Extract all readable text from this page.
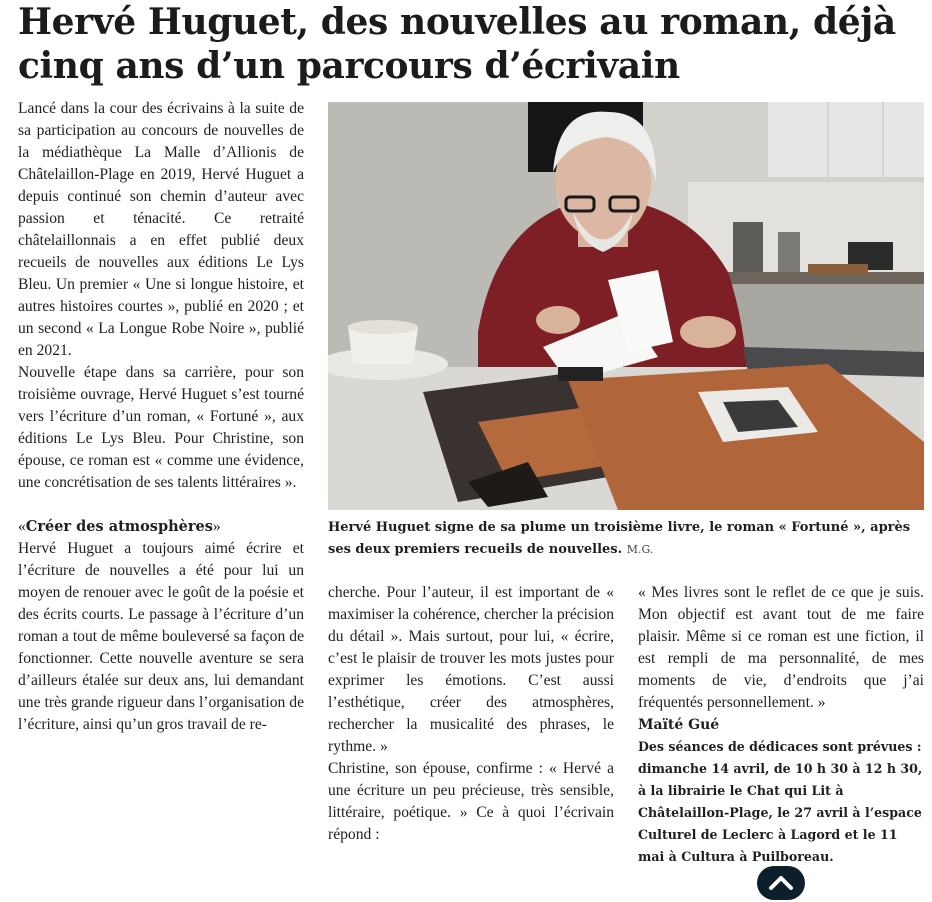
Hervé Huguet, des nouvelles au roman, déjà cinq ans d’un parcours d’écrivain

Lancé dans la cour des écrivains à la suite de sa participation au concours de nouvelles de la médiathèque La Malle d’Allionis de Châtelaillon-Plage en 2019, Hervé Huguet a depuis continué son chemin d’auteur avec passion et ténacité. Ce retraité châtelaillonnais a en effet publié deux recueils de nouvelles aux éditions Le Lys Bleu. Un premier « Une si longue histoire, et autres histoires courtes », publié en 2020 ; et un second « La Longue Robe Noire », publié en 2021.

Nouvelle étape dans sa carrière, pour son troisième ouvrage, Hervé Huguet s’est tourné vers l’écriture d’un roman, « Fortuné », aux éditions Le Lys Bleu. Pour Christine, son épouse, ce roman est « comme une évidence, une concrétisation de ses talents littéraires ».

«Créer des atmosphères»

Hervé Huguet a toujours aimé écrire et l’écriture de nouvelles a été pour lui un moyen de renouer avec le goût de la poésie et des écrits courts. Le passage à l’écriture d’un roman a tout de même bouleversé sa façon de fonctionner. Cette nouvelle aventure se sera d’ailleurs étalée sur deux ans, lui demandant une très grande rigueur dans l’organisation de l’écriture, ainsi qu’un gros travail de re-

Hervé Huguet signe de sa plume un troisième livre, le roman « Fortuné », après ses deux premiers recueils de nouvelles. M.G.

cherche. Pour l’auteur, il est important de « maximiser la cohérence, chercher la précision du détail ». Mais surtout, pour lui, « écrire, c’est le plaisir de trouver les mots justes pour exprimer les émotions. C’est aussi l’esthétique, créer des atmosphères, rechercher la musicalité des phrases, le rythme. »

Christine, son épouse, confirme : « Hervé a une écriture un peu précieuse, très sensible, littéraire, poétique. » Ce à quoi l’écrivain répond :

« Mes livres sont le reflet de ce que je suis. Mon objectif est avant tout de me faire plaisir. Même si ce roman est une fiction, il est rempli de ma personnalité, de mes moments de vie, d’endroits que j’ai fréquentés personnellement. »

Maïté Gué

Des séances de dédicaces sont prévues : dimanche 14 avril, de 10 h 30 à 12 h 30, à la librairie le Chat qui Lit à Châtelaillon-Plage, le 27 avril à l’espace Culturel de Leclerc à Lagord et le 11 mai à Cultura à Puilboreau.
